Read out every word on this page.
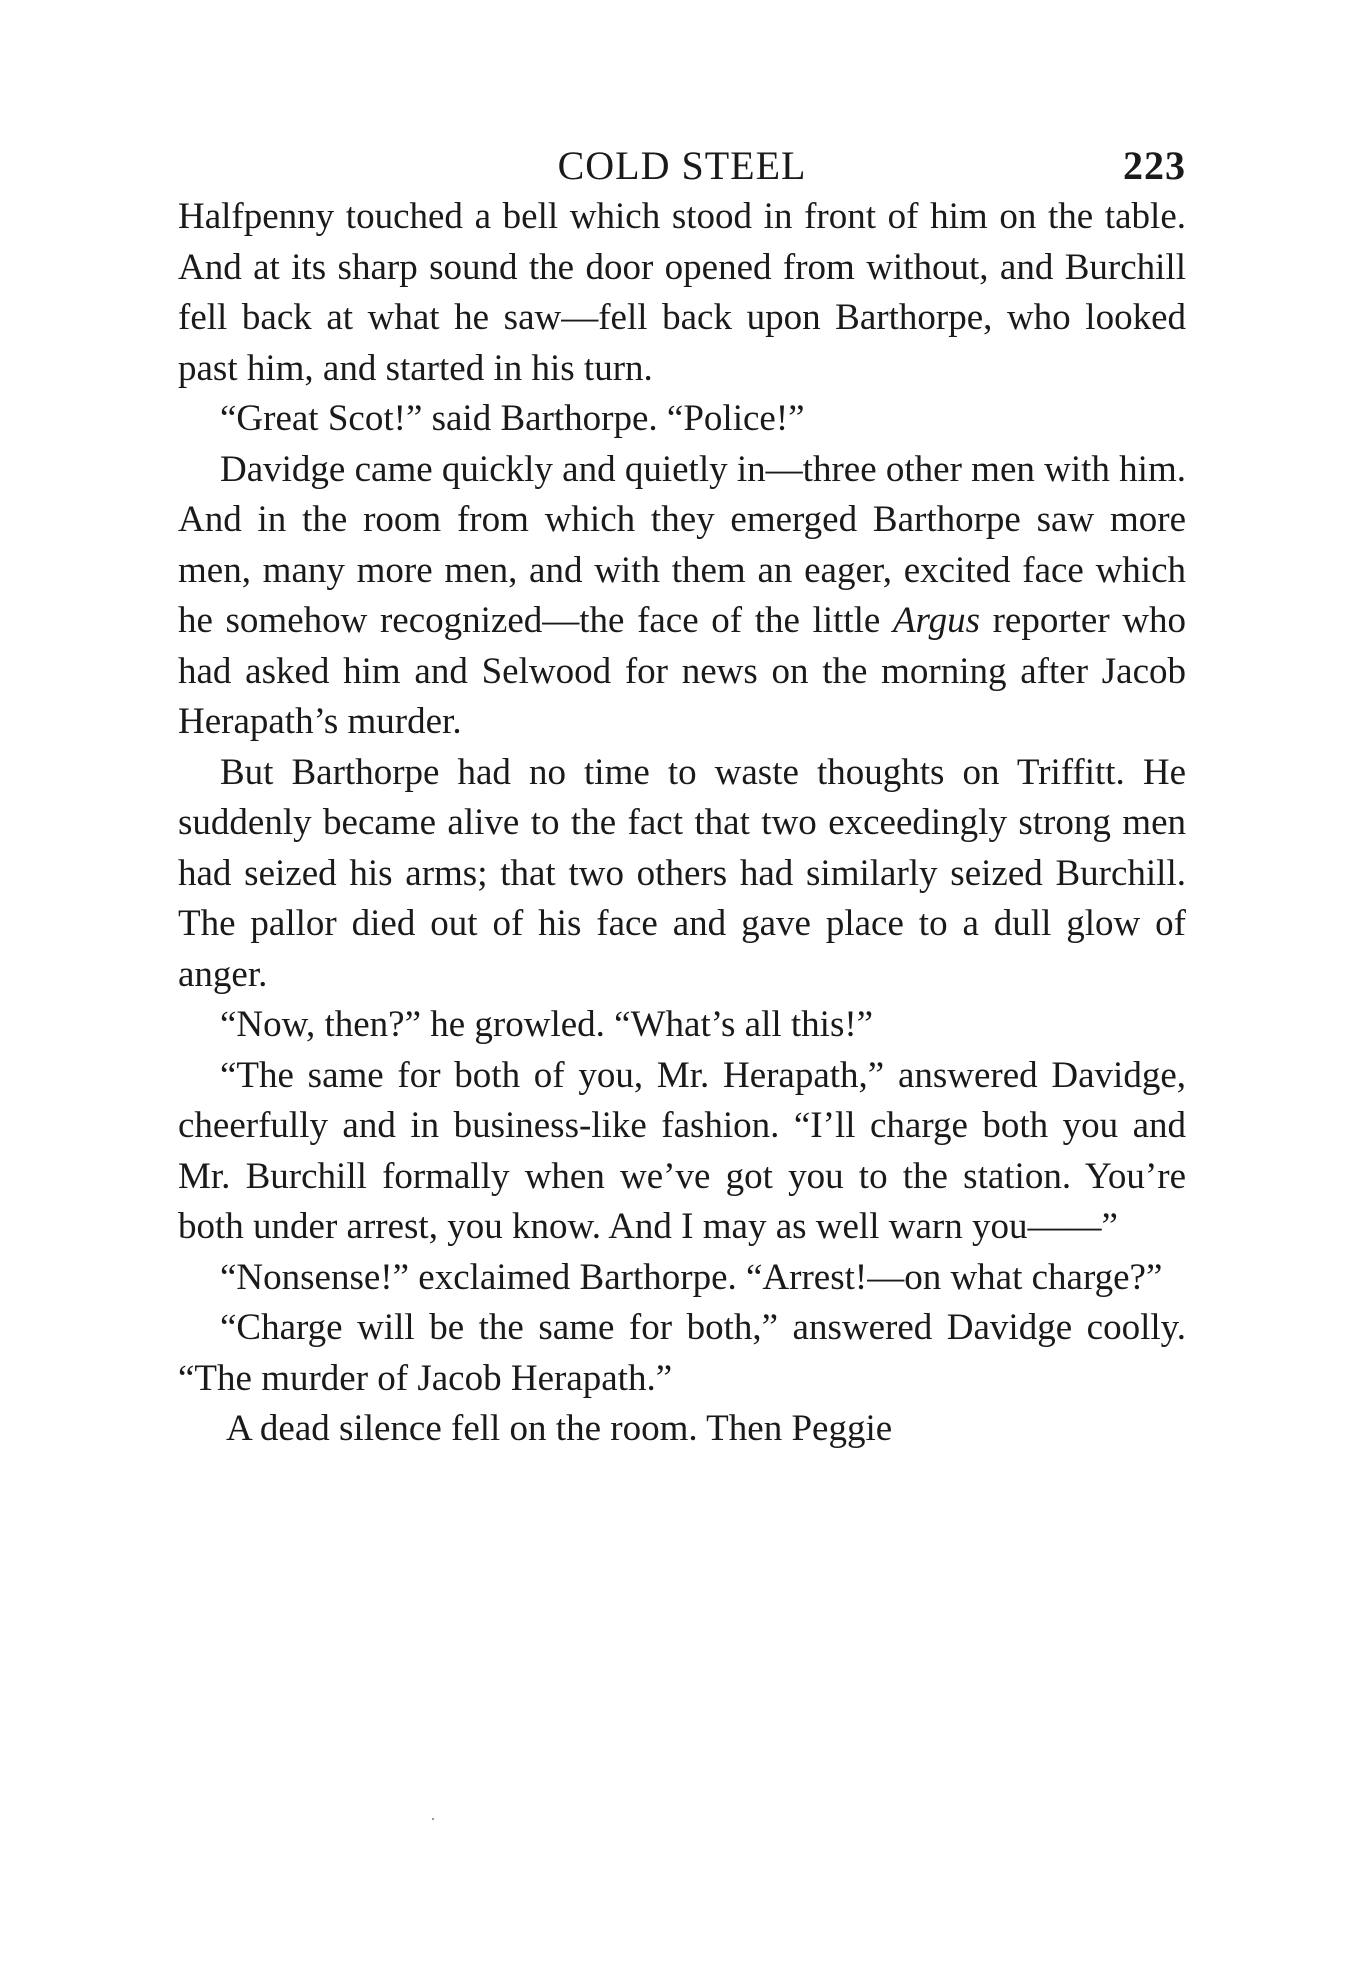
COLD STEEL	223

Halfpenny touched a bell which stood in front of him on the table. And at its sharp sound the door opened from without, and Burchill fell back at what he saw—fell back upon Barthorpe, who looked past him, and started in his turn.

“Great Scot!” said Barthorpe. “Police!”

Davidge came quickly and quietly in—three other men with him. And in the room from which they emerged Barthorpe saw more men, many more men, and with them an eager, excited face which he somehow recognized—the face of the little Argus reporter who had asked him and Selwood for news on the morning after Jacob Herapath’s murder.

But Barthorpe had no time to waste thoughts on Triffitt. He suddenly became alive to the fact that two exceedingly strong men had seized his arms; that two others had similarly seized Burchill. The pallor died out of his face and gave place to a dull glow of anger.

“Now, then?” he growled. “What’s all this!”

“The same for both of you, Mr. Herapath,” answered Davidge, cheerfully and in business-like fashion. “I’ll charge both you and Mr. Burchill formally when we’ve got you to the station. You’re both under arrest, you know. And I may as well warn you——”

“Nonsense!” exclaimed Barthorpe. “Arrest!—on what charge?”

“Charge will be the same for both,” answered Davidge coolly. “The murder of Jacob Herapath.”

A dead silence fell on the room. Then Peggie
